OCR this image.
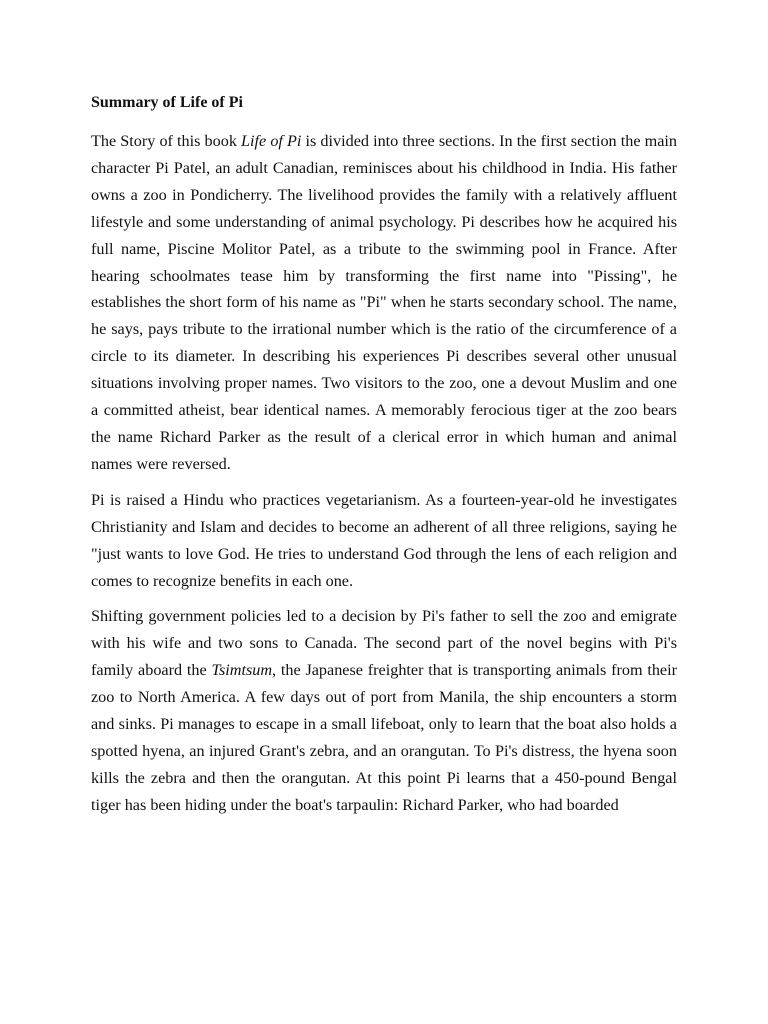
Summary of Life of Pi

The Story of this book Life of Pi is divided into three sections. In the first section the main character Pi Patel, an adult Canadian, reminisces about his childhood in India. His father owns a zoo in Pondicherry. The livelihood provides the family with a relatively affluent lifestyle and some understanding of animal psychology. Pi describes how he acquired his full name, Piscine Molitor Patel, as a tribute to the swimming pool in France. After hearing schoolmates tease him by transforming the first name into "Pissing", he establishes the short form of his name as "Pi" when he starts secondary school. The name, he says, pays tribute to the irrational number which is the ratio of the circumference of a circle to its diameter. In describing his experiences Pi describes several other unusual situations involving proper names. Two visitors to the zoo, one a devout Muslim and one a committed atheist, bear identical names. A memorably ferocious tiger at the zoo bears the name Richard Parker as the result of a clerical error in which human and animal names were reversed.

Pi is raised a Hindu who practices vegetarianism. As a fourteen-year-old he investigates Christianity and Islam and decides to become an adherent of all three religions, saying he "just wants to love God. He tries to understand God through the lens of each religion and comes to recognize benefits in each one.

Shifting government policies led to a decision by Pi's father to sell the zoo and emigrate with his wife and two sons to Canada. The second part of the novel begins with Pi's family aboard the Tsimtsum, the Japanese freighter that is transporting animals from their zoo to North America. A few days out of port from Manila, the ship encounters a storm and sinks. Pi manages to escape in a small lifeboat, only to learn that the boat also holds a spotted hyena, an injured Grant's zebra, and an orangutan. To Pi's distress, the hyena soon kills the zebra and then the orangutan. At this point Pi learns that a 450-pound Bengal tiger has been hiding under the boat's tarpaulin: Richard Parker, who had boarded
